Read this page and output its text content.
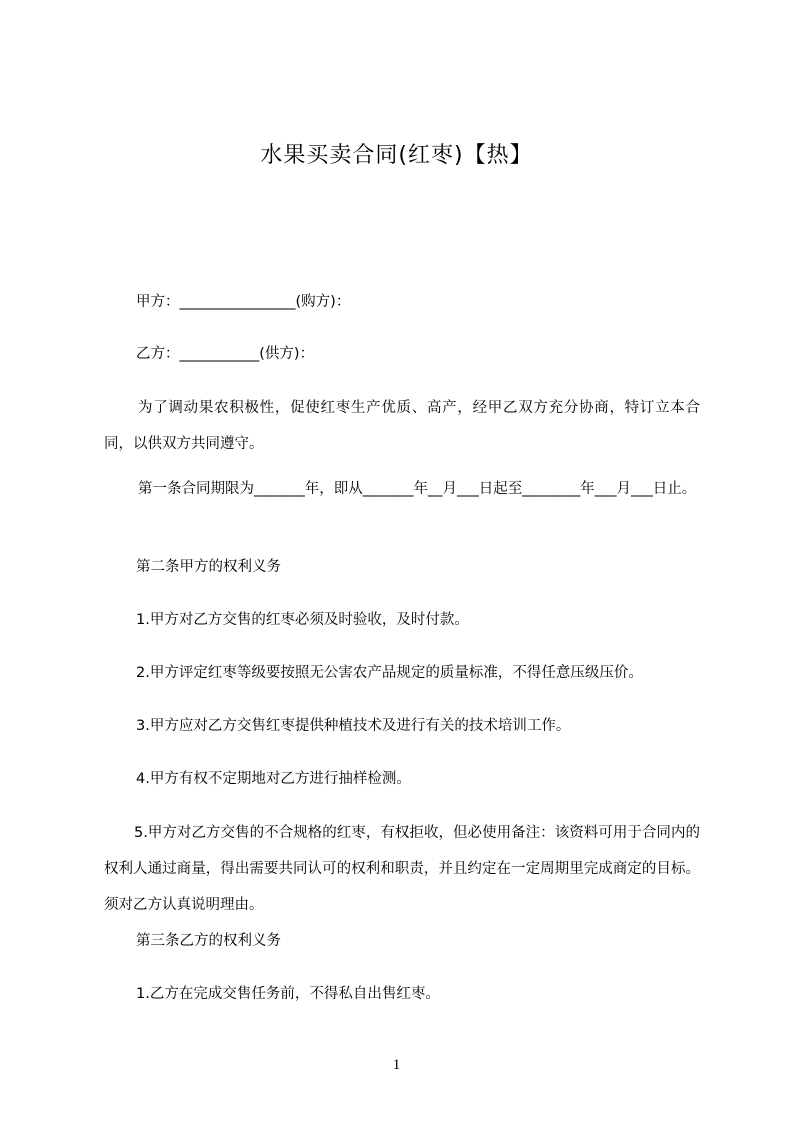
水果买卖合同(红枣)【热】
甲方：________________(购方)：
乙方：___________(供方)：
为了调动果农积极性，促使红枣生产优质、高产，经甲乙双方充分协商，特订立本合同，以供双方共同遵守。
第一条合同期限为_______年，即从_______年__月___日起至________年___月___日止。
第二条甲方的权利义务
1.甲方对乙方交售的红枣必须及时验收，及时付款。
2.甲方评定红枣等级要按照无公害农产品规定的质量标准，不得任意压级压价。
3.甲方应对乙方交售红枣提供种植技术及进行有关的技术培训工作。
4.甲方有权不定期地对乙方进行抽样检测。
5.甲方对乙方交售的不合规格的红枣，有权拒收，但必使用备注：该资料可用于合同内的权利人通过商量，得出需要共同认可的权利和职责，并且约定在一定周期里完成商定的目标。须对乙方认真说明理由。
第三条乙方的权利义务
1.乙方在完成交售任务前，不得私自出售红枣。
1
